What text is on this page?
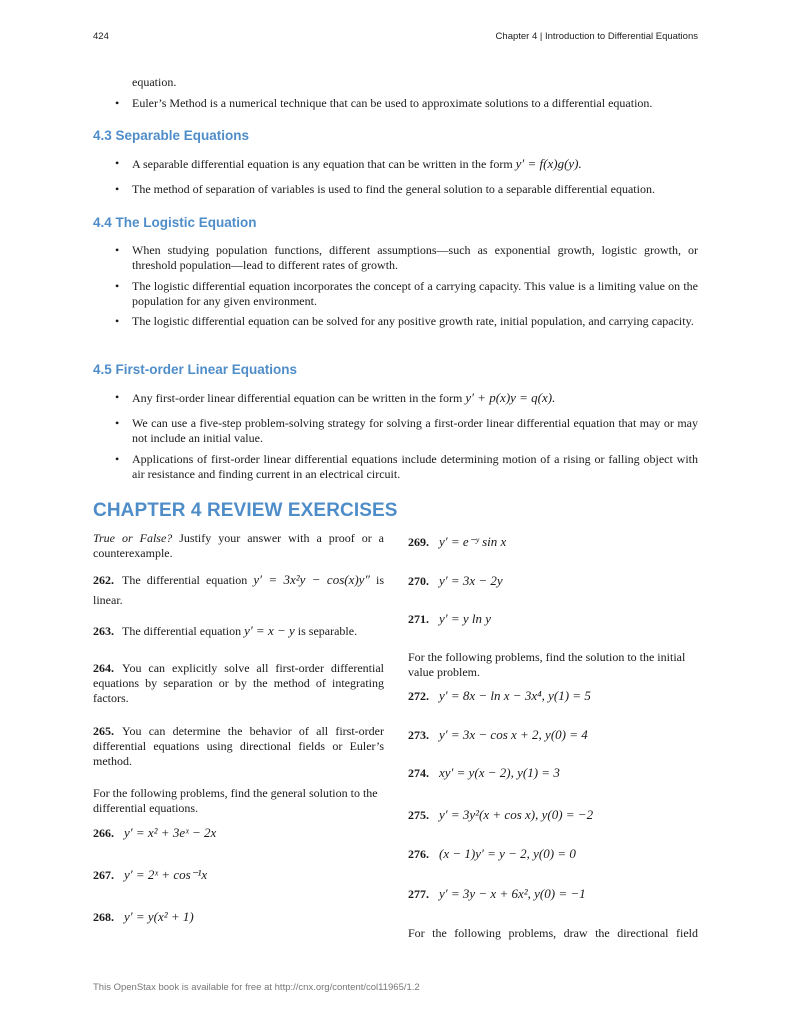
424	Chapter 4 | Introduction to Differential Equations
equation.
• Euler’s Method is a numerical technique that can be used to approximate solutions to a differential equation.
4.3 Separable Equations
• A separable differential equation is any equation that can be written in the form y′ = f(x)g(y).
• The method of separation of variables is used to find the general solution to a separable differential equation.
4.4 The Logistic Equation
• When studying population functions, different assumptions—such as exponential growth, logistic growth, or threshold population—lead to different rates of growth.
• The logistic differential equation incorporates the concept of a carrying capacity. This value is a limiting value on the population for any given environment.
• The logistic differential equation can be solved for any positive growth rate, initial population, and carrying capacity.
4.5 First-order Linear Equations
• Any first-order linear differential equation can be written in the form y′ + p(x)y = q(x).
• We can use a five-step problem-solving strategy for solving a first-order linear differential equation that may or may not include an initial value.
• Applications of first-order linear differential equations include determining motion of a rising or falling object with air resistance and finding current in an electrical circuit.
CHAPTER 4 REVIEW EXERCISES
True or False? Justify your answer with a proof or a counterexample.
262. The differential equation y′ = 3x²y − cos(x)y″ is linear.
263. The differential equation y′ = x − y is separable.
264. You can explicitly solve all first-order differential equations by separation or by the method of integrating factors.
265. You can determine the behavior of all first-order differential equations using directional fields or Euler’s method.
For the following problems, find the general solution to the differential equations.
266. y′ = x² + 3eˣ − 2x
267. y′ = 2ˣ + cos⁻¹x
268. y′ = y(x² + 1)
269. y′ = e⁻ʸ sin x
270. y′ = 3x − 2y
271. y′ = y ln y
For the following problems, find the solution to the initial value problem.
272. y′ = 8x − ln x − 3x⁴, y(1) = 5
273. y′ = 3x − cos x + 2, y(0) = 4
274. xy′ = y(x − 2), y(1) = 3
275. y′ = 3y²(x + cos x), y(0) = −2
276. (x − 1)y′ = y − 2, y(0) = 0
277. y′ = 3y − x + 6x², y(0) = −1
For the following problems, draw the directional field
This OpenStax book is available for free at http://cnx.org/content/col11965/1.2
